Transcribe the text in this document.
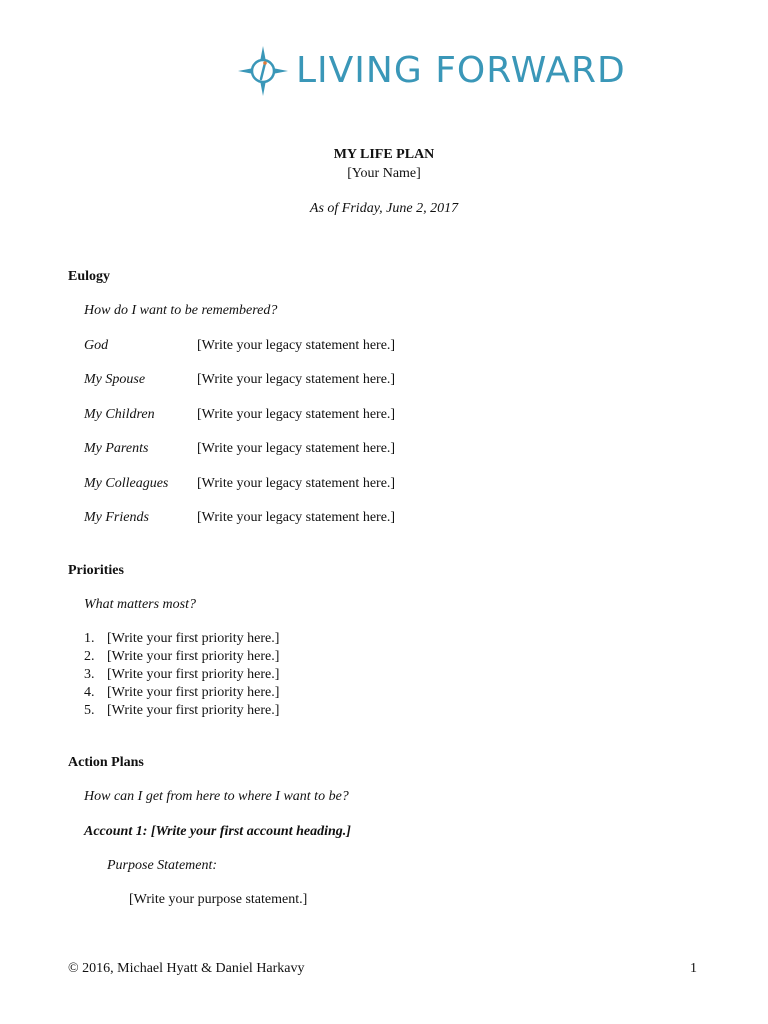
LIVING FORWARD
MY LIFE PLAN
[Your Name]
As of Friday, June 2, 2017
Eulogy
How do I want to be remembered?
God	[Write your legacy statement here.]
My Spouse	[Write your legacy statement here.]
My Children	[Write your legacy statement here.]
My Parents	[Write your legacy statement here.]
My Colleagues [Write your legacy statement here.]
My Friends	[Write your legacy statement here.]
Priorities
What matters most?
1. [Write your first priority here.]
2. [Write your first priority here.]
3. [Write your first priority here.]
4. [Write your first priority here.]
5. [Write your first priority here.]
Action Plans
How can I get from here to where I want to be?
Account 1: [Write your first account heading.]
Purpose Statement:
[Write your purpose statement.]
© 2016, Michael Hyatt & Daniel Harkavy	1
